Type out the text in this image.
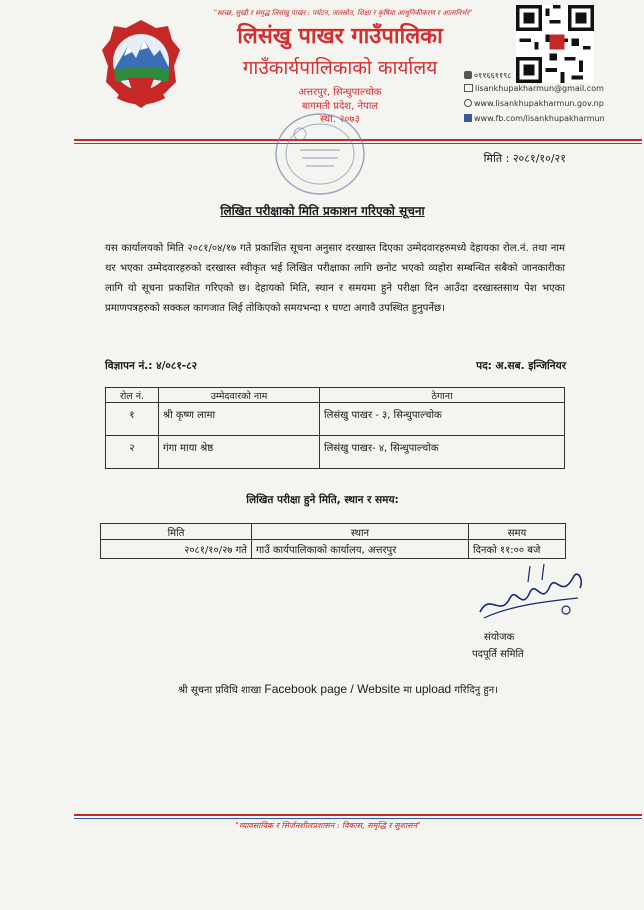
"स्वच्छ, सुखी र समृद्ध लिसंखु पाखर : पर्यटन, जलस्रोत, शिक्षा र कृषिमा आधुनिकीकरण र आत्मनिर्भर"
लिसंखु पाखर गाउँपालिका
गाउँकार्यपालिकाको कार्यालय
अत्तरपुर, सिन्धुपाल्चोक
बागमती प्रदेश, नेपाल
स्था. २०७३
०११६६११९८
lisankhupakharmun@gmail.com
www.lisankhupakharmun.gov.np
www.fb.com/lisankhupakharmun
मिति : २०८१/१०/२१
लिखित परीक्षाको मिति प्रकाशन गरिएको सूचना
यस कार्यालयको मिति २०८१/०४/१७ गते प्रकाशित सूचना अनुसार दरखास्त दिएका उम्मेदवारहरुमध्ये देहायका रोल.नं. तथा नाम थर भएका उम्मेदवारहरुको दरखास्त स्वीकृत भई लिखित परीक्षाका लागि छनोट भएको व्यहोरा सम्बन्धित सबैको जानकारीका लागि यो सूचना प्रकाशित गरिएको छ। देहायको मिति, स्थान र समयमा हुने परीक्षा दिन आउँदा दरखास्तसाथ पेश भएका प्रमाणपत्रहरुको सक्कल कागजात लिई तोकिएको समयभन्दा १ घण्टा अगावै उपस्थित हुनुपर्नेछ।
विज्ञापन नं.: ४/०८१-८२	पद: अ.सब. इन्जिनियर
रोल नं.	उम्मेदवारको नाम	ठेगाना
१	श्री कृष्ण लामा	लिसंखु पाखर - ३, सिन्धुपाल्चोक
२	गंगा माया श्रेष्ठ	लिसंखु पाखर- ४, सिन्धुपाल्चोक
लिखित परीक्षा हुने मिति, स्थान र समय:
मिति	स्थान	समय
२०८१/१०/२७ गते	गाउँ कार्यपालिकाको कार्यालय, अत्तरपुर	दिनको ११:०० बजे
संयोजक
पदपूर्ति समिति
श्री सूचना प्रविधि शाखा Facebook page / Website मा upload गरिदिनु हुन।
"व्यावसायिक र सिर्जनशीलप्रशासन : विकास, समृद्धि र सुशासन"
